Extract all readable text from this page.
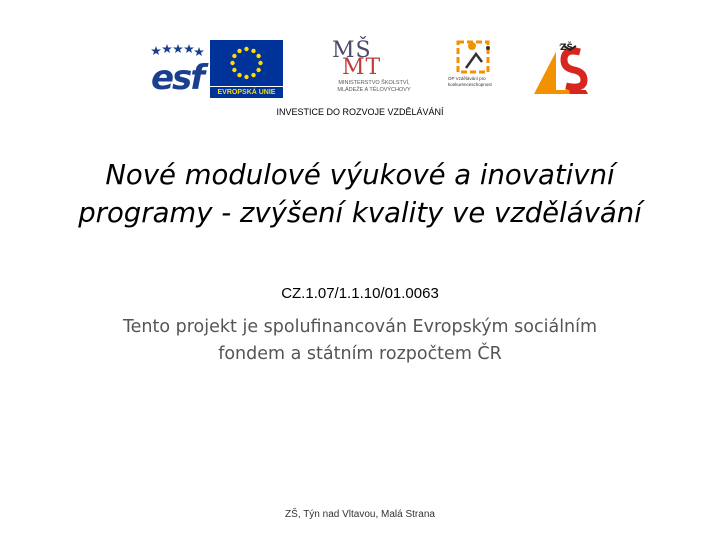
esf	EVROPSKÁ UNIE
MŠ
MT
MINISTERSTVO ŠKOLSTVÍ, MLÁDEŽE A TĚLOVÝCHOVY
OP Vzdělávání pro konkurenceschopnost
ZŠ
INVESTICE DO ROZVOJE VZDĚLÁVÁNÍ
Nové modulové výukové a inovativní programy - zvýšení kvality ve vzdělávání
CZ.1.07/1.1.10/01.0063

Tento projekt je spolufinancován Evropským sociálním fondem a státním rozpočtem ČR

ZŠ, Týn nad Vltavou, Malá Strana
